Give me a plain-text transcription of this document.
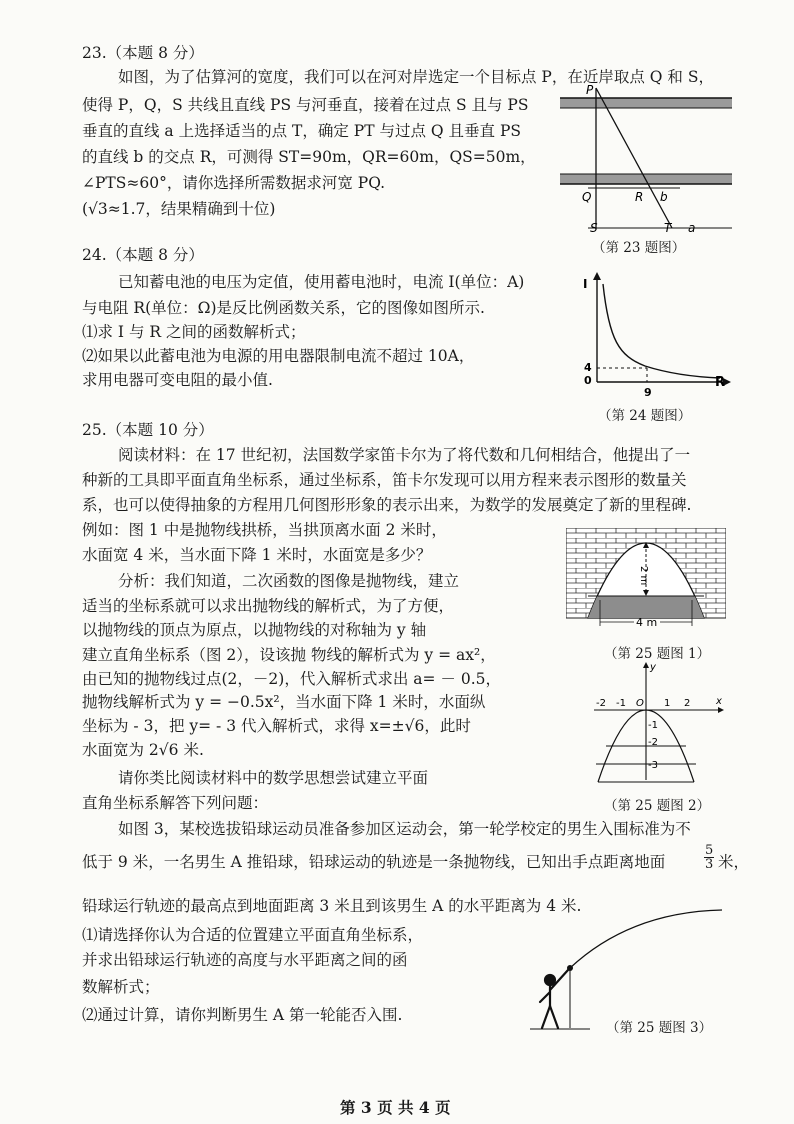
23.（本题 8 分）
如图，为了估算河的宽度，我们可以在河对岸选定一个目标点 P，在近岸取点 Q 和 S，
使得 P，Q，S 共线且直线 PS 与河垂直，接着在过点 S 且与 PS
垂直的直线 a 上选择适当的点 T，确定 PT 与过点 Q 且垂直 PS
的直线 b 的交点 R，可测得 ST=90m，QR=60m，QS=50m，
∠PTS≈60°，请你选择所需数据求河宽 PQ.
(√3≈1.7，结果精确到十位)
P
Q	R b
S	T a
（第 23 题图）
24.（本题 8 分）
已知蓄电池的电压为定值，使用蓄电池时，电流 I(单位：A)
与电阻 R(单位：Ω)是反比例函数关系，它的图像如图所示.
⑴求 I 与 R 之间的函数解析式；
⑵如果以此蓄电池为电源的用电器限制电流不超过 10A，
求用电器可变电阻的最小值.
I
R
4
0
9
（第 24 题图）
25.（本题 10 分）
阅读材料：在 17 世纪初，法国数学家笛卡尔为了将代数和几何相结合，他提出了一
种新的工具即平面直角坐标系，通过坐标系，笛卡尔发现可以用方程来表示图形的数量关
系，也可以使得抽象的方程用几何图形形象的表示出来，为数学的发展奠定了新的里程碑.
例如：图 1 中是抛物线拱桥，当拱顶离水面 2 米时，
水面宽 4 米，当水面下降 1 米时，水面宽是多少？
分析：我们知道，二次函数的图像是抛物线，建立
适当的坐标系就可以求出抛物线的解析式，为了方便，
以抛物线的顶点为原点，以抛物线的对称轴为 y 轴
建立直角坐标系（图 2），设该抛 物线的解析式为 y = ax²，
由已知的抛物线过点(2，－2)，代入解析式求出 a= － 0.5，
抛物线解析式为 y = −0.5x²，当水面下降 1 米时，水面纵
坐标为 - 3，把 y= - 3 代入解析式，求得 x=±√6，此时
水面宽为 2√6 米.
请你类比阅读材料中的数学思想尝试建立平面
直角坐标系解答下列问题：
如图 3，某校选拔铅球运动员准备参加区运动会，第一轮学校定的男生入围标准为不
低于 9 米，一名男生 A 推铅球，铅球运动的轨迹是一条抛物线，已知出手点距离地面	$\frac{5}{3}$ 米，
铅球运行轨迹的最高点到地面距离 3 米且到该男生 A 的水平距离为 4 米.
⑴请选择你认为合适的位置建立平面直角坐标系，
并求出铅球运行轨迹的高度与水平距离之间的函
数解析式；
⑵通过计算，请你判断男生 A 第一轮能否入围.
2 m
4 m
（第 25 题图 1）
y
x
O
-2 -1	1 2
-1
-2
-3
（第 25 题图 2）
（第 25 题图 3）
第 3 页 共 4 页
